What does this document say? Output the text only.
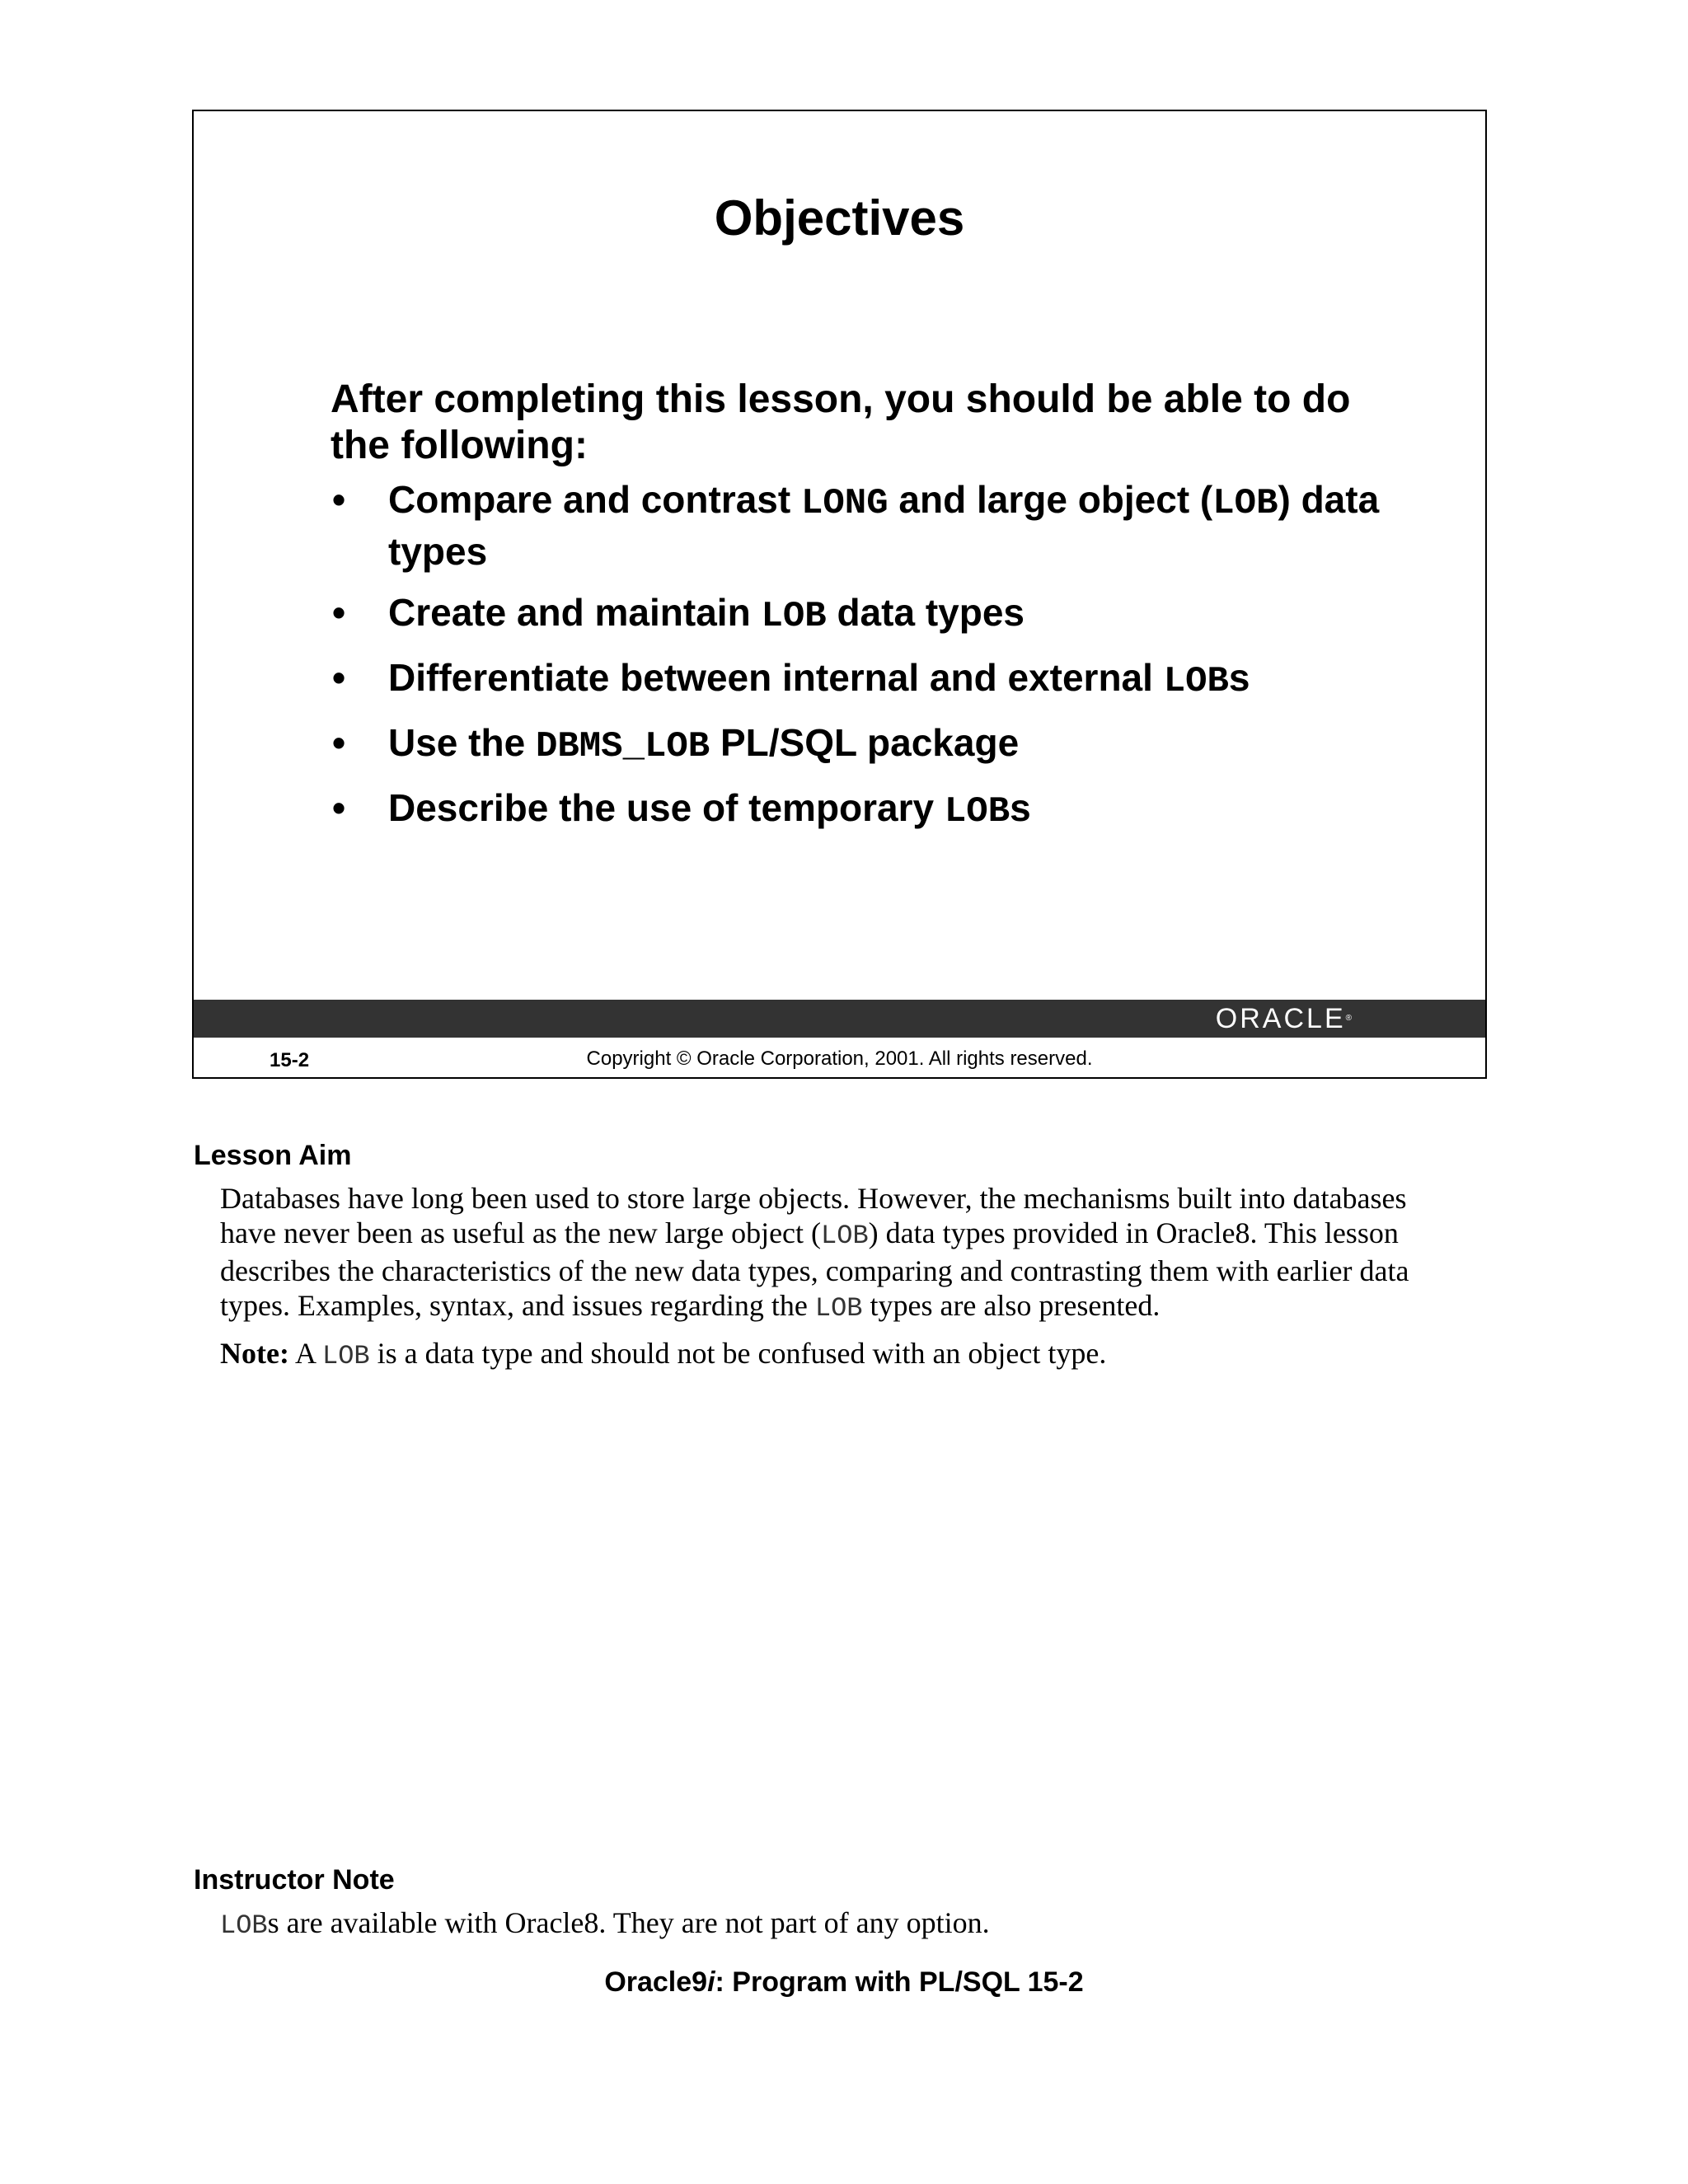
Objectives
After completing this lesson, you should be able to do the following:
• Compare and contrast LONG and large object (LOB) data types
• Create and maintain LOB data types
• Differentiate between internal and external LOBs
• Use the DBMS_LOB PL/SQL package
• Describe the use of temporary LOBs
ORACLE®
15-2	Copyright © Oracle Corporation, 2001. All rights reserved.
Lesson Aim
Databases have long been used to store large objects. However, the mechanisms built into databases have never been as useful as the new large object (LOB) data types provided in Oracle8. This lesson describes the characteristics of the new data types, comparing and contrasting them with earlier data types. Examples, syntax, and issues regarding the LOB types are also presented.
Note: A LOB is a data type and should not be confused with an object type.
Instructor Note
LOBs are available with Oracle8. They are not part of any option.
Oracle9i: Program with PL/SQL 15-2
